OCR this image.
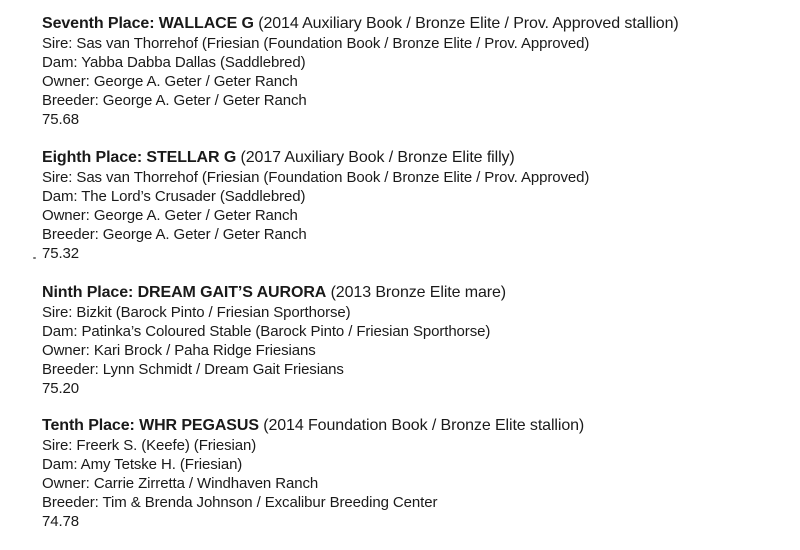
Seventh Place: WALLACE G (2014 Auxiliary Book / Bronze Elite / Prov. Approved stallion)
Sire: Sas van Thorrehof (Friesian (Foundation Book / Bronze Elite / Prov. Approved)
Dam: Yabba Dabba Dallas (Saddlebred)
Owner: George A. Geter / Geter Ranch
Breeder: George A. Geter / Geter Ranch
75.68
Eighth Place: STELLAR G (2017 Auxiliary Book / Bronze Elite filly)
Sire: Sas van Thorrehof (Friesian (Foundation Book / Bronze Elite / Prov. Approved)
Dam: The Lord’s Crusader (Saddlebred)
Owner: George A. Geter / Geter Ranch
Breeder: George A. Geter / Geter Ranch
75.32
Ninth Place: DREAM GAIT’S AURORA (2013 Bronze Elite mare)
Sire: Bizkit (Barock Pinto / Friesian Sporthorse)
Dam: Patinka’s Coloured Stable (Barock Pinto / Friesian Sporthorse)
Owner: Kari Brock / Paha Ridge Friesians
Breeder: Lynn Schmidt / Dream Gait Friesians
75.20
Tenth Place: WHR PEGASUS (2014 Foundation Book / Bronze Elite stallion)
Sire: Freerk S. (Keefe) (Friesian)
Dam: Amy Tetske H. (Friesian)
Owner: Carrie Zirretta / Windhaven Ranch
Breeder: Tim & Brenda Johnson / Excalibur Breeding Center
74.78
